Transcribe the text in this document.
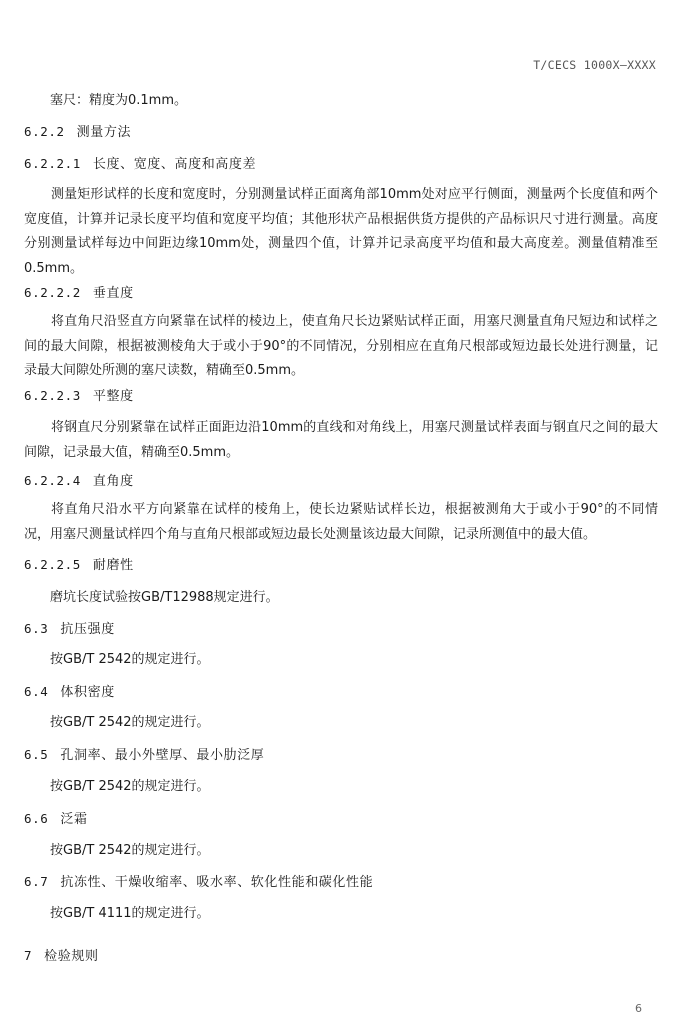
T/CECS 1000X—XXXX
塞尺：精度为0.1mm。
6.2.2 测量方法
6.2.2.1 长度、宽度、高度和高度差
测量矩形试样的长度和宽度时，分别测量试样正面离角部10mm处对应平行侧面，测量两个长度值和两个宽度值，计算并记录长度平均值和宽度平均值；其他形状产品根据供货方提供的产品标识尺寸进行测量。高度分别测量试样每边中间距边缘10mm处，测量四个值，计算并记录高度平均值和最大高度差。测量值精准至0.5mm。
6.2.2.2 垂直度
将直角尺沿竖直方向紧靠在试样的棱边上，使直角尺长边紧贴试样正面，用塞尺测量直角尺短边和试样之间的最大间隙，根据被测棱角大于或小于90°的不同情况，分别相应在直角尺根部或短边最长处进行测量，记录最大间隙处所测的塞尺读数，精确至0.5mm。
6.2.2.3 平整度
将钢直尺分别紧靠在试样正面距边沿10mm的直线和对角线上，用塞尺测量试样表面与钢直尺之间的最大间隙，记录最大值，精确至0.5mm。
6.2.2.4 直角度
将直角尺沿水平方向紧靠在试样的棱角上，使长边紧贴试样长边，根据被测角大于或小于90°的不同情况，用塞尺测量试样四个角与直角尺根部或短边最长处测量该边最大间隙，记录所测值中的最大值。
6.2.2.5 耐磨性
磨坑长度试验按GB/T12988规定进行。
6.3 抗压强度
按GB/T 2542的规定进行。
6.4 体积密度
按GB/T 2542的规定进行。
6.5 孔洞率、最小外壁厚、最小肋泛厚
按GB/T 2542的规定进行。
6.6 泛霜
按GB/T 2542的规定进行。
6.7 抗冻性、干燥收缩率、吸水率、软化性能和碳化性能
按GB/T 4111的规定进行。
7 检验规则
6
